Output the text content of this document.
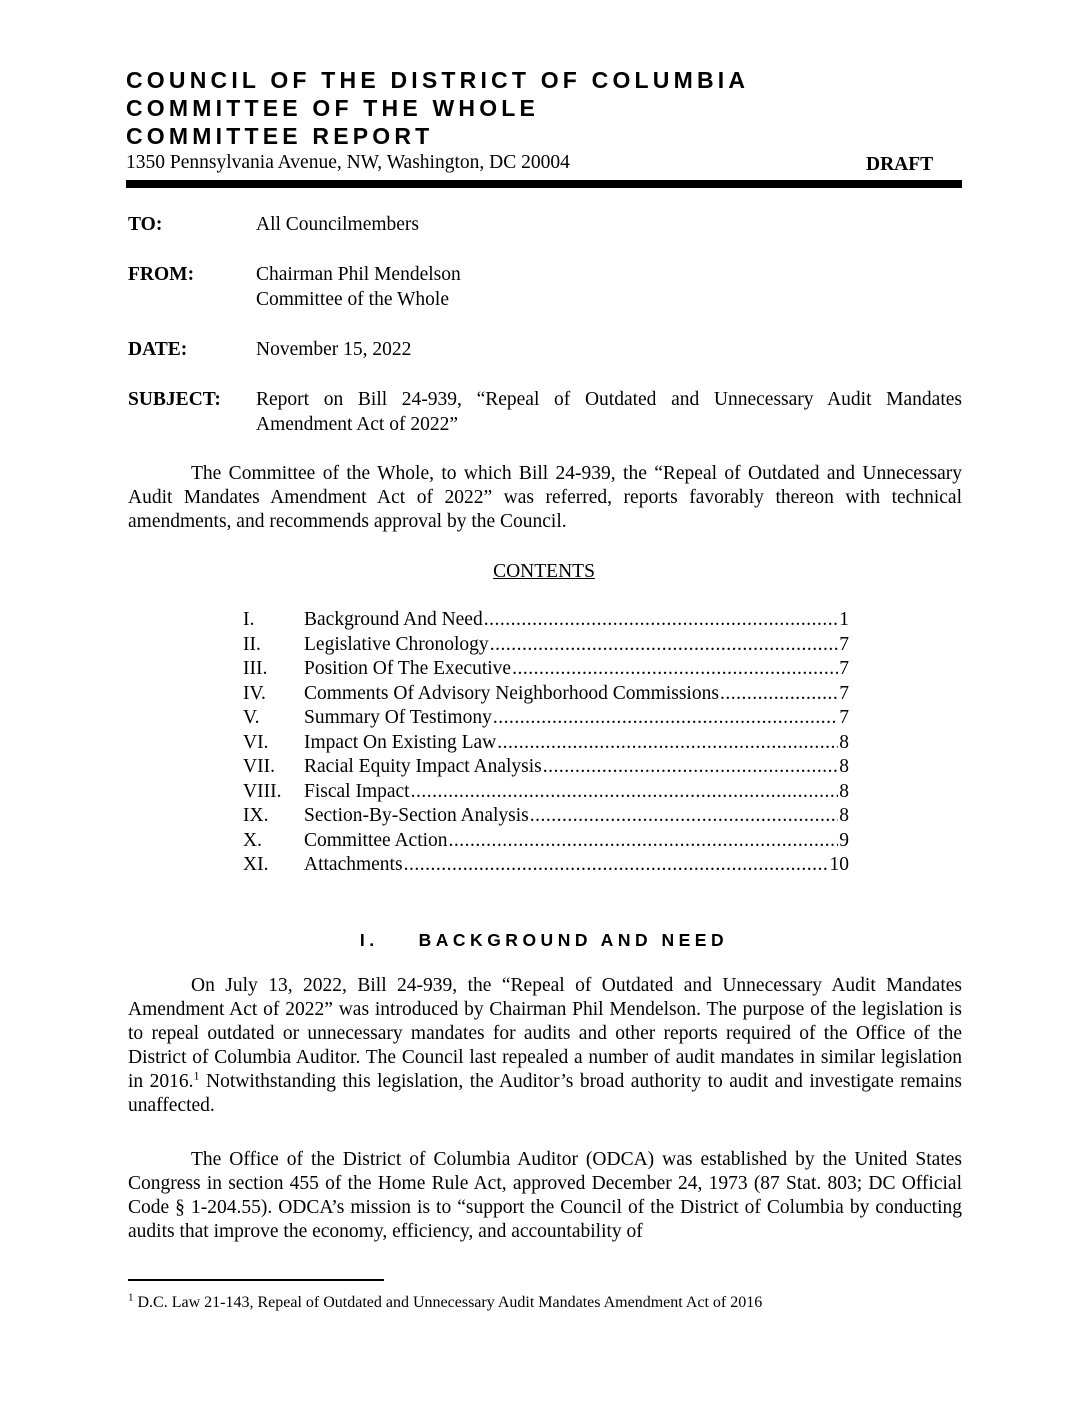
COUNCIL OF THE DISTRICT OF COLUMBIA
COMMITTEE OF THE WHOLE
COMMITTEE REPORT
1350 Pennsylvania Avenue, NW, Washington, DC 20004	DRAFT
TO:	All Councilmembers
FROM:	Chairman Phil Mendelson
Committee of the Whole
DATE:	November 15, 2022
SUBJECT: Report on Bill 24-939, “Repeal of Outdated and Unnecessary Audit Mandates Amendment Act of 2022”

The Committee of the Whole, to which Bill 24-939, the “Repeal of Outdated and Unnecessary Audit Mandates Amendment Act of 2022” was referred, reports favorably thereon with technical amendments, and recommends approval by the Council.

CONTENTS
I.	Background And Need .....	1
II. Legislative Chronology .....	7
III. Position Of The Executive .....	7
IV. Comments Of Advisory Neighborhood Commissions .....	7
V. Summary Of Testimony .....	7
VI. Impact On Existing Law .....	8
VII. Racial Equity Impact Analysis .....	8
VIII. Fiscal Impact .....	8
IX. Section-By-Section Analysis .....	8
X. Committee Action .....	9
XI. Attachments .....	10
I. BACKGROUND AND NEED

On July 13, 2022, Bill 24-939, the “Repeal of Outdated and Unnecessary Audit Mandates Amendment Act of 2022” was introduced by Chairman Phil Mendelson. The purpose of the legislation is to repeal outdated or unnecessary mandates for audits and other reports required of the Office of the District of Columbia Auditor. The Council last repealed a number of audit mandates in similar legislation in 2016.$^1$ Notwithstanding this legislation, the Auditor’s broad authority to audit and investigate remains unaffected.

The Office of the District of Columbia Auditor (ODCA) was established by the United States Congress in section 455 of the Home Rule Act, approved December 24, 1973 (87 Stat. 803; DC Official Code § 1-204.55). ODCA’s mission is to “support the Council of the District of Columbia by conducting audits that improve the economy, efficiency, and accountability of

$^1$ D.C. Law 21-143, Repeal of Outdated and Unnecessary Audit Mandates Amendment Act of 2016
